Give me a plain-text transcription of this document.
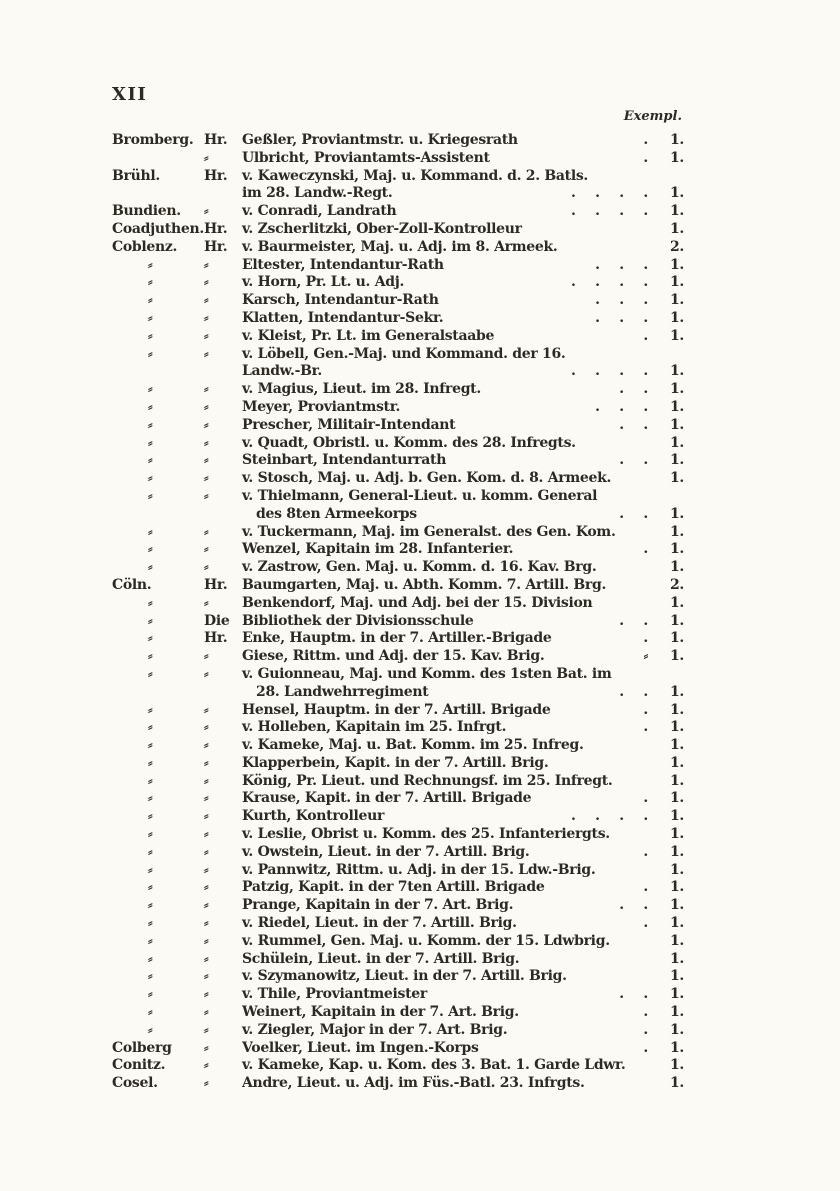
XII
Exempl.
Bromberg. Hr.	Geßler, Proviantmstr. u. Kriegesrath	.	1.
⸗	Ulbricht, Proviantamts-Assistent	.	1.
Brühl.	Hr.	v. Kaweczynski, Maj. u. Kommand. d. 2. Batls.
im 28. Landw.-Regt.	. . . .	1.
Bundien.	⸗	v. Conradi, Landrath	. . . .	1.
Coadjuthen. Hr.	v. Zscherlitzki, Ober-Zoll-Kontrolleur	1.
Coblenz.	Hr.	v. Baurmeister, Maj. u. Adj. im 8. Armeek.	2.
⸗	⸗	Eltester, Intendantur-Rath	. . .	1.
⸗	⸗	v. Horn, Pr. Lt. u. Adj.	. . . .	1.
⸗	⸗	Karsch, Intendantur-Rath	. . .	1.
⸗	⸗	Klatten, Intendantur-Sekr.	. . .	1.
⸗	⸗	v. Kleist, Pr. Lt. im Generalstaabe	.	1.
⸗	⸗	v. Löbell, Gen.-Maj. und Kommand. der 16.
Landw.-Br.	. . . .	1.
⸗	⸗	v. Magius, Lieut. im 28. Infregt.	. .	1.
⸗	⸗	Meyer, Proviantmstr.	. . .	1.
⸗	⸗	Prescher, Militair-Intendant	. .	1.
⸗	⸗	v. Quadt, Obristl. u. Komm. des 28. Infregts.	1.
⸗	⸗	Steinbart, Intendanturrath	. .	1.
⸗	⸗	v. Stosch, Maj. u. Adj. b. Gen. Kom. d. 8. Armeek.	1.
⸗	⸗	v. Thielmann, General-Lieut. u. komm. General
des 8ten Armeekorps	. .	1.
⸗	⸗	v. Tuckermann, Maj. im Generalst. des Gen. Kom.	1.
⸗	⸗	Wenzel, Kapitain im 28. Infanterier.	.	1.
⸗	⸗	v. Zastrow, Gen. Maj. u. Komm. d. 16. Kav. Brg.	1.
Cöln.	Hr.	Baumgarten, Maj. u. Abth. Komm. 7. Artill. Brg.	2.
⸗	⸗	Benkendorf, Maj. und Adj. bei der 15. Division	1.
⸗	Die Bibliothek der Divisionsschule	. .	1.
⸗	Hr.	Enke, Hauptm. in der 7. Artiller.-Brigade	.	1.
⸗	⸗	Giese, Rittm. und Adj. der 15. Kav. Brig.	⸗	1.
⸗	⸗	v. Guionneau, Maj. und Komm. des 1sten Bat. im
28. Landwehrregiment	. .	1.
⸗	⸗	Hensel, Hauptm. in der 7. Artill. Brigade	.	1.
⸗	⸗	v. Holleben, Kapitain im 25. Infrgt.	.	1.
⸗	⸗	v. Kameke, Maj. u. Bat. Komm. im 25. Infreg.	1.
⸗	⸗	Klapperbein, Kapit. in der 7. Artill. Brig.	1.
⸗	⸗	König, Pr. Lieut. und Rechnungsf. im 25. Infregt.	1.
⸗	⸗	Krause, Kapit. in der 7. Artill. Brigade	.	1.
⸗	⸗	Kurth, Kontrolleur	. . . .	1.
⸗	⸗	v. Leslie, Obrist u. Komm. des 25. Infanteriergts.	1.
⸗	⸗	v. Owstein, Lieut. in der 7. Artill. Brig.	.	1.
⸗	⸗	v. Pannwitz, Rittm. u. Adj. in der 15. Ldw.-Brig.	1.
⸗	⸗	Patzig, Kapit. in der 7ten Artill. Brigade	.	1.
⸗	⸗	Prange, Kapitain in der 7. Art. Brig.	. .	1.
⸗	⸗	v. Riedel, Lieut. in der 7. Artill. Brig.	.	1.
⸗	⸗	v. Rummel, Gen. Maj. u. Komm. der 15. Ldwbrig.	1.
⸗	⸗	Schülein, Lieut. in der 7. Artill. Brig.	1.
⸗	⸗	v. Szymanowitz, Lieut. in der 7. Artill. Brig.	1.
⸗	⸗	v. Thile, Proviantmeister	. .	1.
⸗	⸗	Weinert, Kapitain in der 7. Art. Brig.	.	1.
⸗	⸗	v. Ziegler, Major in der 7. Art. Brig.	.	1.
Colberg	⸗	Voelker, Lieut. im Ingen.-Korps	.	1.
Conitz.	⸗	v. Kameke, Kap. u. Kom. des 3. Bat. 1. Garde Ldwr.	1.
Cosel.	⸗	Andre, Lieut. u. Adj. im Füs.-Batl. 23. Infrgts.	1.
